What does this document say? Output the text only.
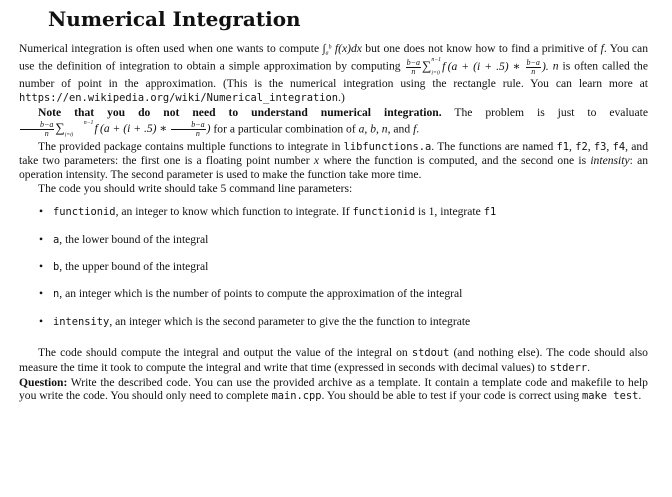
Numerical Integration

Numerical integration is often used when one wants to compute $\int_a^b$ f(x)dx but one does not know how to find a primitive of f. You can use the definition of integration to obtain a simple approximation by computing $\frac{b-a}{n} \sum^{n-1}$
$_{i=0}$f (a + (i + .5) ∗ $\frac{b-a}{n}$ ). n is often called the number of point in the approximation. (This is the numerical integration using the rectangle rule. You can learn more at https://en.wikipedia.org/wiki/Numerical_integration.)

Note that you do not need to understand numerical integration. The problem is just to evaluate
$\frac{b-a}{n}$ ∑	$^{n-1}$
$_{i=0}$f (a + (i + .5) ∗ $\frac{b-a}{n}$ ) for a particular combination of a, b, n, and f.

The provided package contains multiple functions to integrate in libfunctions.a. The functions are named f1, f2, f3, f4, and take two parameters: the first one is a floating point number x where the function is computed, and the second one is intensity: an operation intensity. The second parameter is used to make the function take more time.

The code you should write should take 5 command line parameters:

• functionid, an integer to know which function to integrate. If functionid is 1, integrate f1
• a, the lower bound of the integral
• b, the upper bound of the integral
• n, an integer which is the number of points to compute the approximation of the integral
• intensity, an integer which is the second parameter to give the the function to integrate

The code should compute the integral and output the value of the integral on stdout (and nothing else). The code should also measure the time it took to compute the integral and write that time (expressed in seconds with decimal values) to stderr.

Question: Write the described code. You can use the provided archive as a template. It contain a template code and makefile to help you write the code. You should only need to complete main.cpp. You should be able to test if your code is correct using make test.
